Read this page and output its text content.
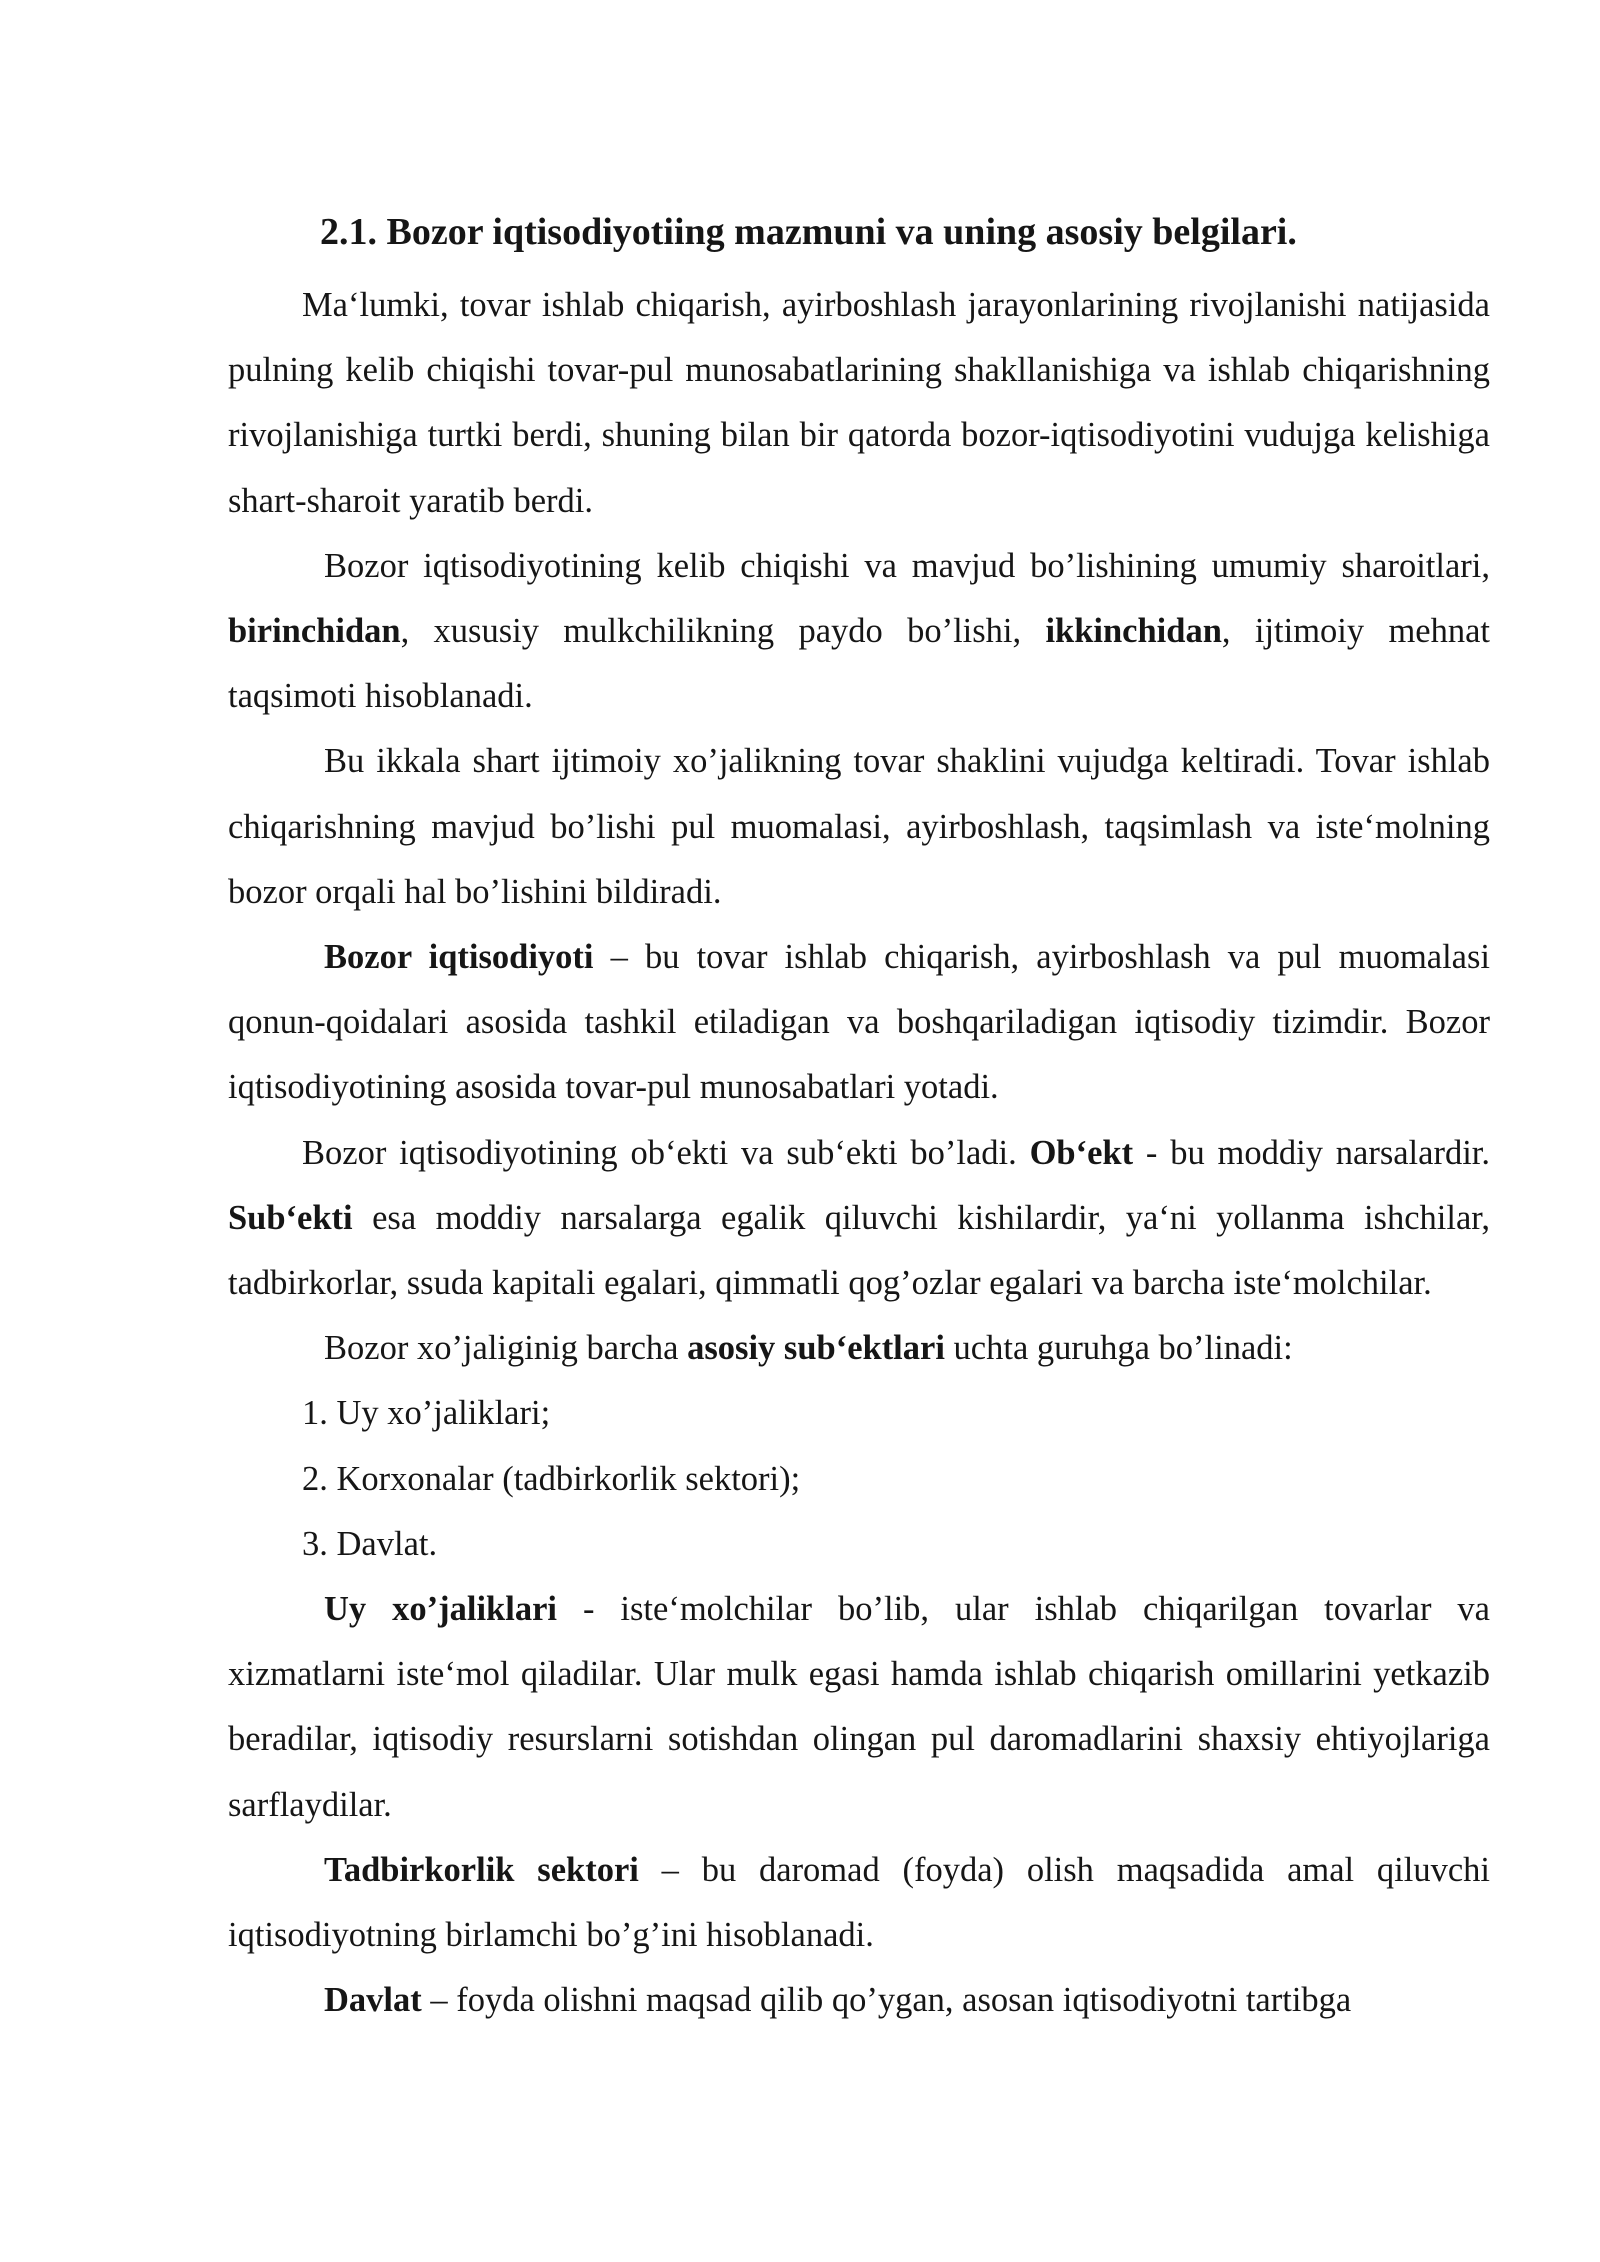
2.1. Bozor iqtisodiyotiing mazmuni va uning asosiy belgilari.

Ma‘lumki, tovar ishlab chiqarish, ayirboshlash jarayonlarining rivojlanishi natijasida pulning kelib chiqishi tovar-pul munosabatlarining shakllanishiga va ishlab chiqarishning rivojlanishiga turtki berdi, shuning bilan bir qatorda bozor-iqtisodiyotini vudujga kelishiga shart-sharoit yaratib berdi.

Bozor iqtisodiyotining kelib chiqishi va mavjud bo’lishining umumiy sharoitlari, birinchidan, xususiy mulkchilikning paydo bo’lishi, ikkinchidan, ijtimoiy mehnat taqsimoti hisoblanadi.

Bu ikkala shart ijtimoiy xo’jalikning tovar shaklini vujudga keltiradi. Tovar ishlab chiqarishning mavjud bo’lishi pul muomalasi, ayirboshlash, taqsimlash va iste‘molning bozor orqali hal bo’lishini bildiradi.

Bozor iqtisodiyoti – bu tovar ishlab chiqarish, ayirboshlash va pul muomalasi qonun-qoidalari asosida tashkil etiladigan va boshqariladigan iqtisodiy tizimdir. Bozor iqtisodiyotining asosida tovar-pul munosabatlari yotadi.

Bozor iqtisodiyotining ob‘ekti va sub‘ekti bo’ladi. Ob‘ekt - bu moddiy narsalardir. Sub‘ekti esa moddiy narsalarga egalik qiluvchi kishilardir, ya‘ni yollanma ishchilar, tadbirkorlar, ssuda kapitali egalari, qimmatli qog’ozlar egalari va barcha iste‘molchilar.

Bozor xo’jaliginig barcha asosiy sub‘ektlari uchta guruhga bo’linadi:

1. Uy xo’jaliklari;

2. Korxonalar (tadbirkorlik sektori);

3. Davlat.

Uy xo’jaliklari - iste‘molchilar bo’lib, ular ishlab chiqarilgan tovarlar va xizmatlarni iste‘mol qiladilar. Ular mulk egasi hamda ishlab chiqarish omillarini yetkazib beradilar, iqtisodiy resurslarni sotishdan olingan pul daromadlarini shaxsiy ehtiyojlariga sarflaydilar.

Tadbirkorlik sektori – bu daromad (foyda) olish maqsadida amal qiluvchi iqtisodiyotning birlamchi bo’g’ini hisoblanadi.

Davlat – foyda olishni maqsad qilib qo’ygan, asosan iqtisodiyotni tartibga
